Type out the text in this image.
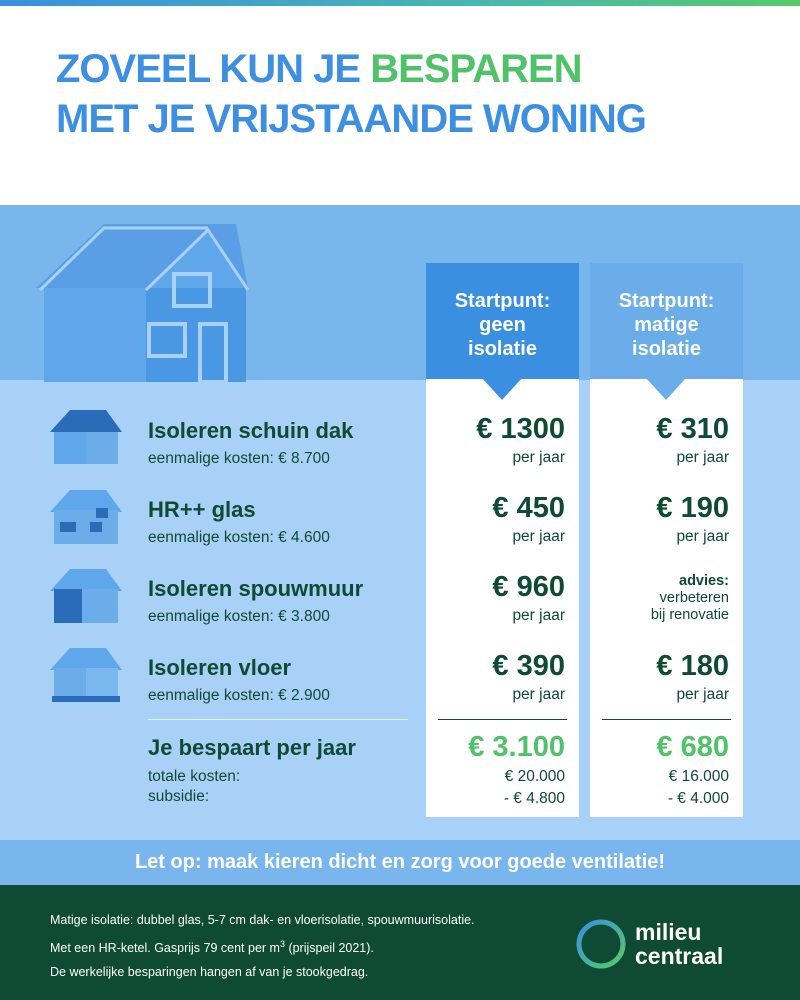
ZOVEEL KUN JE BESPAREN
MET JE VRIJSTAANDE WONING
Startpunt:
geen
isolatie
€ 1300
per jaar
€ 450
per jaar
€ 960
per jaar
€ 390
per jaar
€ 3.100
€ 20.000
- € 4.800
Startpunt:
matige
isolatie
€ 310
per jaar
€ 190
per jaar
advies:
verbeteren
bij renovatie
€ 180
per jaar
€ 680
€ 16.000
- € 4.000
Isoleren schuin dak
eenmalige kosten: € 8.700
HR++ glas
eenmalige kosten: € 4.600
Isoleren spouwmuur
eenmalige kosten: € 3.800
Isoleren vloer
eenmalige kosten: € 2.900
Je bespaart per jaar
totale kosten:
subsidie:
Let op: maak kieren dicht en zorg voor goede ventilatie!
Matige isolatie: dubbel glas, 5-7 cm dak- en vloerisolatie, spouwmuurisolatie.
Met een HR-ketel. Gasprijs 79 cent per $m^3$ (prijspeil 2021).
De werkelijke besparingen hangen af van je stookgedrag.
milieu
centraal
